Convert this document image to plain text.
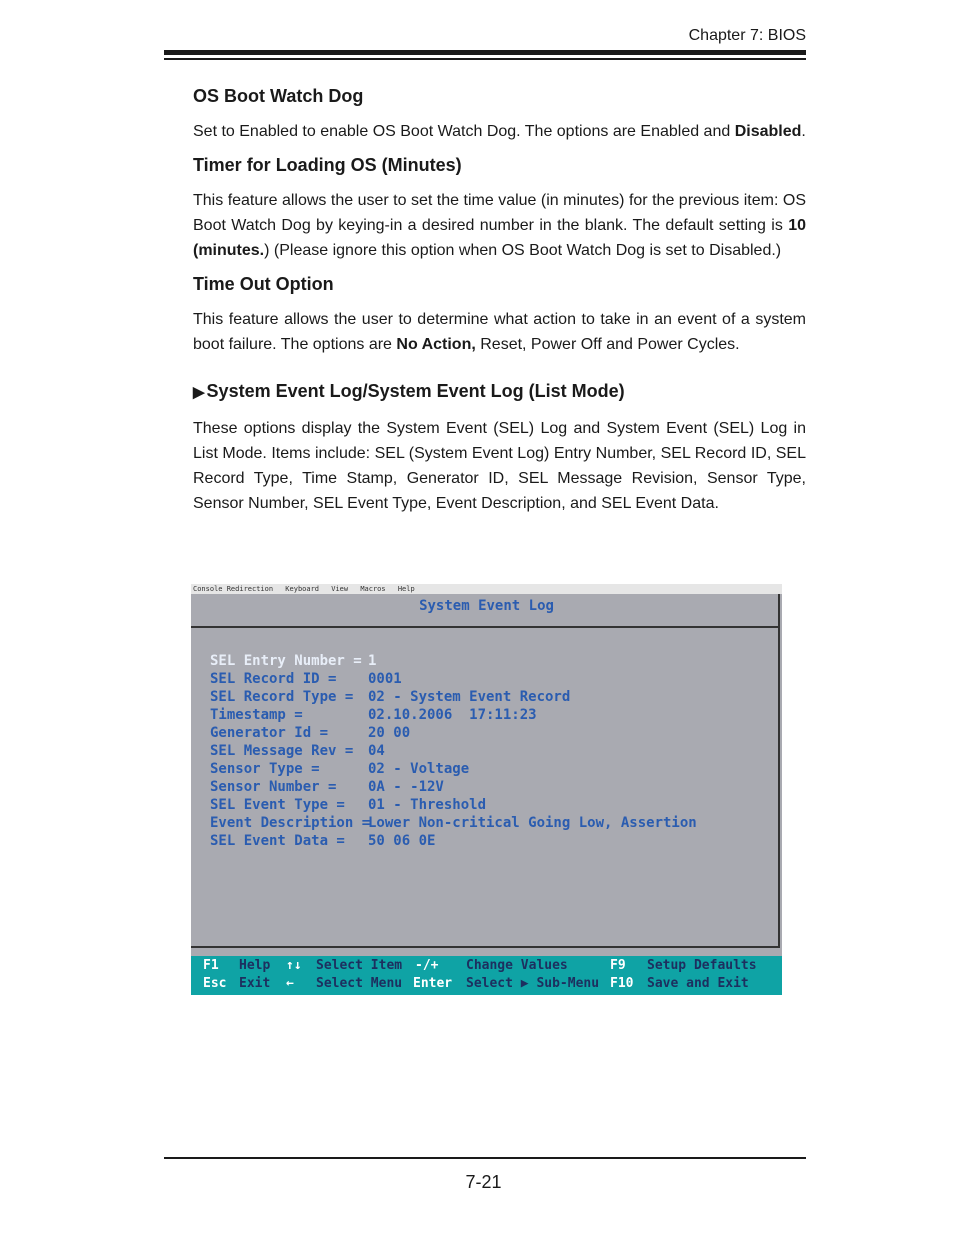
Chapter 7: BIOS
OS Boot Watch Dog

Set to Enabled to enable OS Boot Watch Dog. The options are Enabled and Disabled.

Timer for Loading OS (Minutes)

This feature allows the user to set the time value (in minutes) for the previous item: OS Boot Watch Dog by keying-in a desired number in the blank. The default setting is 10 (minutes.) (Please ignore this option when OS Boot Watch Dog is set to Disabled.)

Time Out Option

This feature allows the user to determine what action to take in an event of a system boot failure. The options are No Action, Reset, Power Off and Power Cycles.

▶ System Event Log/System Event Log (List Mode)

These options display the System Event (SEL) Log and System Event (SEL) Log in List Mode. Items include: SEL (System Event Log) Entry Number, SEL Record ID, SEL Record Type, Time Stamp, Generator ID, SEL Message Revision, Sensor Type, Sensor Number, SEL Event Type, Event Description, and SEL Event Data.

Console Redirection Keyboard View Macros Help
System Event Log
SEL Entry Number = 1
SEL Record ID =	0001
SEL Record Type =	02 - System Event Record
Timestamp =	02.10.2006  17:11:23
Generator Id =	20 00
SEL Message Rev =	04
Sensor Type =	02 - Voltage
Sensor Number =	0A - -12V
SEL Event Type =	01 - Threshold
Event Description =
Lower Non-critical Going Low, Assertion
SEL Event Data =	50 06 0E
F1 Help ↑↓ Select Item -/+ Change Values	F9 Setup Defaults
Esc Exit ← Select Menu Enter Select ▶ Sub-Menu F10 Save and Exit
7-21
